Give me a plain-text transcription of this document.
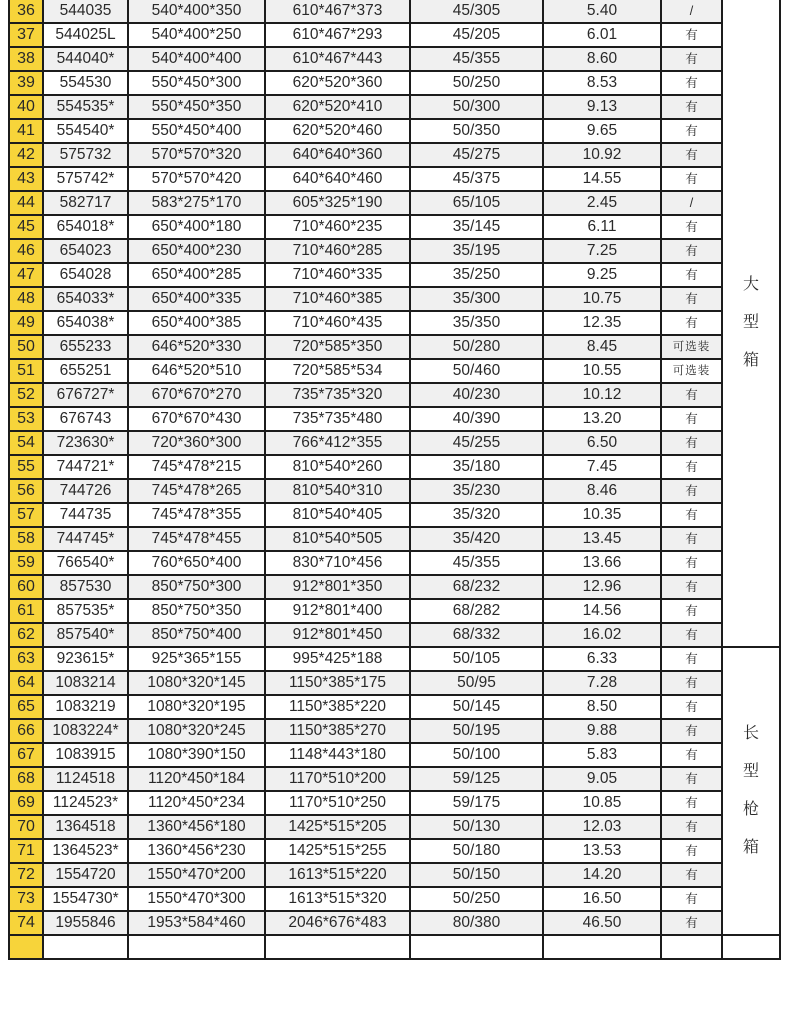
36	544035	540*400*350	610*467*373	45/305	5.40	/	大
型
箱

37	544025L	540*400*250	610*467*293	45/205	6.01	有	
38	544040*	540*400*400	610*467*443	45/355	8.60	有	
39	554530	550*450*300	620*520*360	50/250	8.53	有	
40	554535*	550*450*350	620*520*410	50/300	9.13	有	
41	554540*	550*450*400	620*520*460	50/350	9.65	有	
42	575732	570*570*320	640*640*360	45/275	10.92	有	
43	575742*	570*570*420	640*640*460	45/375	14.55	有	
44	582717	583*275*170	605*325*190	65/105	2.45	/	
45	654018*	650*400*180	710*460*235	35/145	6.11	有	
46	654023	650*400*230	710*460*285	35/195	7.25	有	
47	654028	650*400*285	710*460*335	35/250	9.25	有	
48	654033*	650*400*335	710*460*385	35/300	10.75	有	
49	654038*	650*400*385	710*460*435	35/350	12.35	有	
50	655233	646*520*330	720*585*350	50/280	8.45	可选装	
51	655251	646*520*510	720*585*534	50/460	10.55	可选装	
52	676727*	670*670*270	735*735*320	40/230	10.12	有	
53	676743	670*670*430	735*735*480	40/390	13.20	有	
54	723630*	720*360*300	766*412*355	45/255	6.50	有	
55	744721*	745*478*215	810*540*260	35/180	7.45	有	
56	744726	745*478*265	810*540*310	35/230	8.46	有	
57	744735	745*478*355	810*540*405	35/320	10.35	有	
58	744745*	745*478*455	810*540*505	35/420	13.45	有	
59	766540*	760*650*400	830*710*456	45/355	13.66	有	
60	857530	850*750*300	912*801*350	68/232	12.96	有	
61	857535*	850*750*350	912*801*400	68/282	14.56	有	
62	857540*	850*750*400	912*801*450	68/332	16.02	有	
63	923615*	925*365*155	995*425*188	50/105	6.33	有	长
型
枪
箱

64	1083214	1080*320*145	1150*385*175	50/95	7.28	有	
65	1083219	1080*320*195	1150*385*220	50/145	8.50	有	
66	1083224*	1080*320*245	1150*385*270	50/195	9.88	有	
67	1083915	1080*390*150	1148*443*180	50/100	5.83	有	
68	1124518	1120*450*184	1170*510*200	59/125	9.05	有	
69	1124523*	1120*450*234	1170*510*250	59/175	10.85	有	
70	1364518	1360*456*180	1425*515*205	50/130	12.03	有	
71	1364523*	1360*456*230	1425*515*255	50/180	13.53	有	
72	1554720	1550*470*200	1613*515*220	50/150	14.20	有	
73	1554730*	1550*470*300	1613*515*320	50/250	16.50	有	
74	1955846	1953*584*460	2046*676*483	80/380	46.50	有	
